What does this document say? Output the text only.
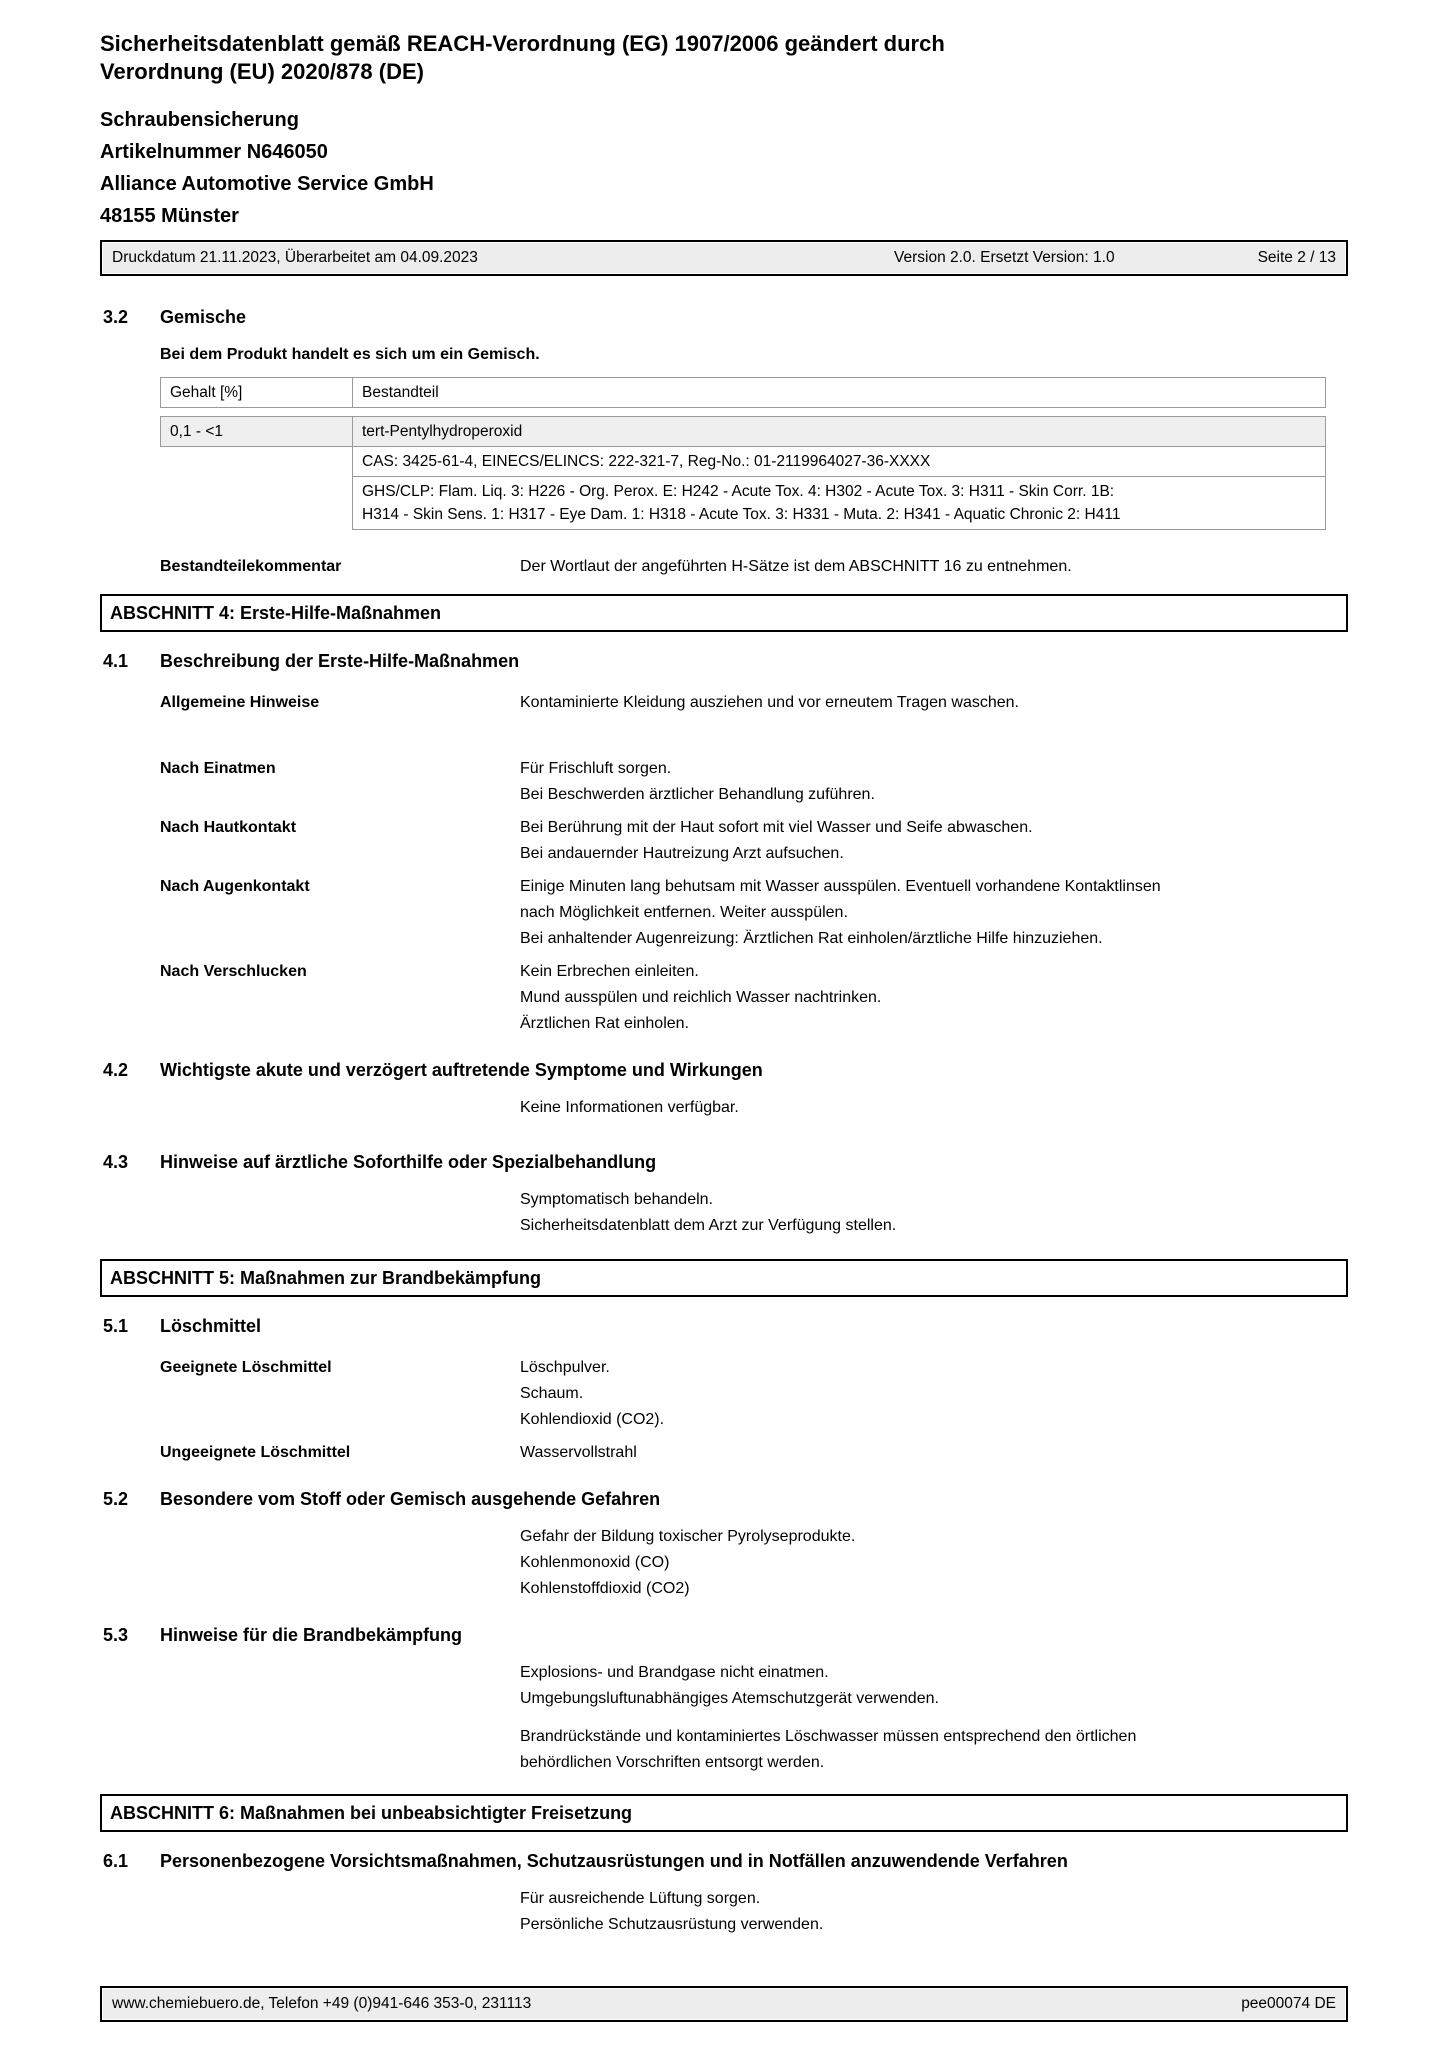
Sicherheitsdatenblatt gemäß REACH-Verordnung (EG) 1907/2006 geändert durch
Verordnung (EU) 2020/878 (DE)
Schraubensicherung
Artikelnummer N646050
Alliance Automotive Service GmbH
48155 Münster
Druckdatum 21.11.2023, Überarbeitet am 04.09.2023	Version 2.0. Ersetzt Version: 1.0	Seite 2 / 13
3.2	Gemische
Bei dem Produkt handelt es sich um ein Gemisch.
Gehalt [%]	Bestandteil
0,1 - <1	tert-Pentylhydroperoxid
	CAS: 3425-61-4, EINECS/ELINCS: 222-321-7, Reg-No.: 01-2119964027-36-XXXX

	GHS/CLP: Flam. Liq. 3: H226 - Org. Perox. E: H242 - Acute Tox. 4: H302 - Acute Tox. 3: H311 - Skin Corr. 1B:
H314 - Skin Sens. 1: H317 - Eye Dam. 1: H318 - Acute Tox. 3: H331 - Muta. 2: H341 - Aquatic Chronic 2: H411
Bestandteilekommentar	Der Wortlaut der angeführten H-Sätze ist dem ABSCHNITT 16 zu entnehmen.
ABSCHNITT 4: Erste-Hilfe-Maßnahmen
4.1	Beschreibung der Erste-Hilfe-Maßnahmen
Allgemeine Hinweise	Kontaminierte Kleidung ausziehen und vor erneutem Tragen waschen.
Nach Einatmen	Für Frischluft sorgen.
Bei Beschwerden ärztlicher Behandlung zuführen.
Nach Hautkontakt	Bei Berührung mit der Haut sofort mit viel Wasser und Seife abwaschen.
Bei andauernder Hautreizung Arzt aufsuchen.
Nach Augenkontakt	Einige Minuten lang behutsam mit Wasser ausspülen. Eventuell vorhandene Kontaktlinsen
nach Möglichkeit entfernen. Weiter ausspülen.
Bei anhaltender Augenreizung: Ärztlichen Rat einholen/ärztliche Hilfe hinzuziehen.
Nach Verschlucken	Kein Erbrechen einleiten.
Mund ausspülen und reichlich Wasser nachtrinken.
Ärztlichen Rat einholen.
4.2	Wichtigste akute und verzögert auftretende Symptome und Wirkungen
Keine Informationen verfügbar.
4.3	Hinweise auf ärztliche Soforthilfe oder Spezialbehandlung
Symptomatisch behandeln.
Sicherheitsdatenblatt dem Arzt zur Verfügung stellen.
ABSCHNITT 5: Maßnahmen zur Brandbekämpfung
5.1	Löschmittel
Geeignete Löschmittel	Löschpulver.
Schaum.
Kohlendioxid (CO2).
Ungeeignete Löschmittel	Wasservollstrahl
5.2	Besondere vom Stoff oder Gemisch ausgehende Gefahren
Gefahr der Bildung toxischer Pyrolyseprodukte.
Kohlenmonoxid (CO)
Kohlenstoffdioxid (CO2)
5.3	Hinweise für die Brandbekämpfung
Explosions- und Brandgase nicht einatmen.
Umgebungsluftunabhängiges Atemschutzgerät verwenden.
Brandrückstände und kontaminiertes Löschwasser müssen entsprechend den örtlichen
behördlichen Vorschriften entsorgt werden.
ABSCHNITT 6: Maßnahmen bei unbeabsichtigter Freisetzung
6.1	Personenbezogene Vorsichtsmaßnahmen, Schutzausrüstungen und in Notfällen anzuwendende Verfahren
Für ausreichende Lüftung sorgen.
Persönliche Schutzausrüstung verwenden.
www.chemiebuero.de, Telefon +49 (0)941-646 353-0, 231113	pee00074 DE
